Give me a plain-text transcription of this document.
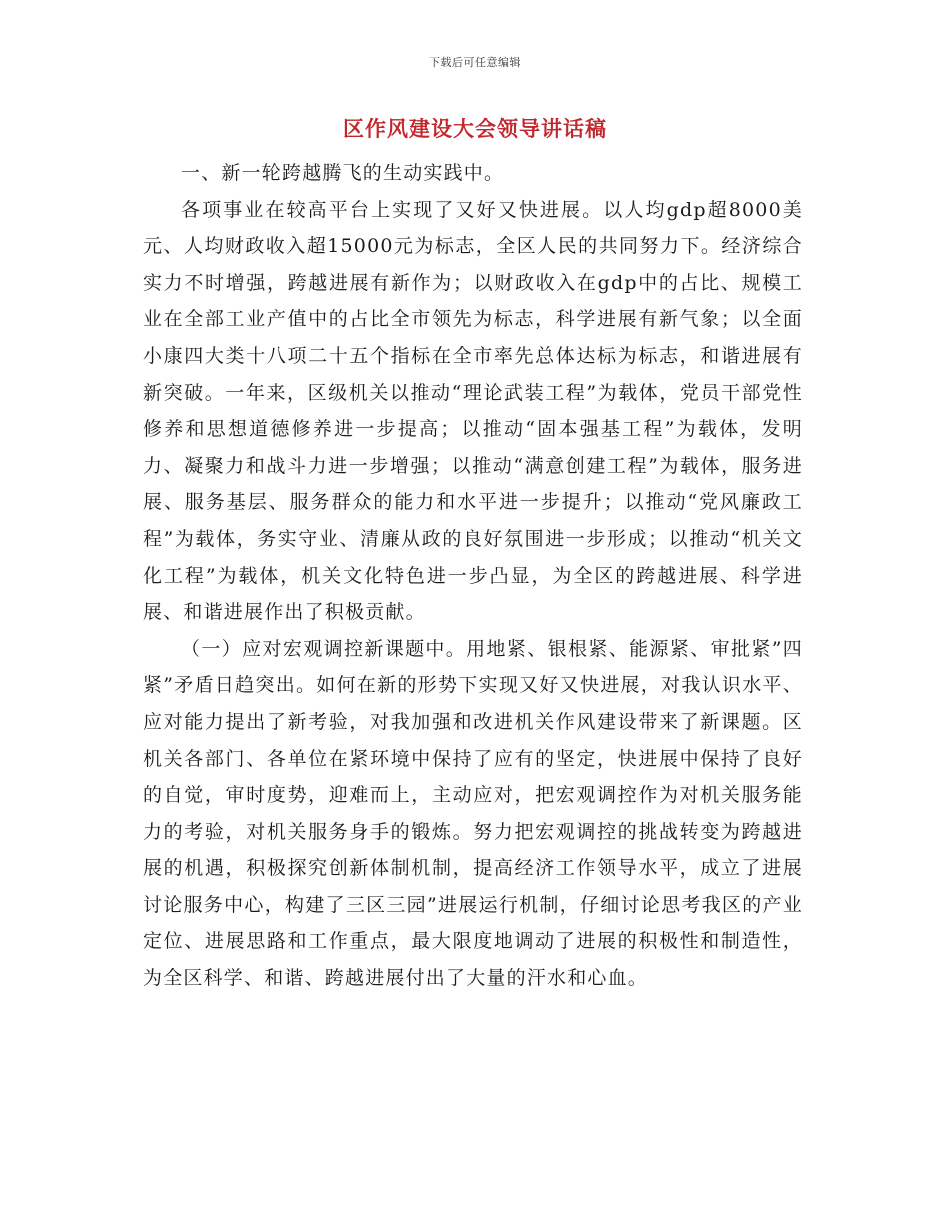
下载后可任意编辑
区作风建设大会领导讲话稿

一、新一轮跨越腾飞的生动实践中。

各项事业在较高平台上实现了又好又快进展。以人均gdp超8000美元、人均财政收入超15000元为标志，全区人民的共同努力下。经济综合实力不时增强，跨越进展有新作为；以财政收入在gdp中的占比、规模工业在全部工业产值中的占比全市领先为标志，科学进展有新气象；以全面小康四大类十八项二十五个指标在全市率先总体达标为标志，和谐进展有新突破。一年来，区级机关以推动“理论武装工程”为载体，党员干部党性修养和思想道德修养进一步提高；以推动“固本强基工程”为载体，发明力、凝聚力和战斗力进一步增强；以推动“满意创建工程”为载体，服务进展、服务基层、服务群众的能力和水平进一步提升；以推动“党风廉政工程”为载体，务实守业、清廉从政的良好氛围进一步形成；以推动“机关文化工程”为载体，机关文化特色进一步凸显，为全区的跨越进展、科学进展、和谐进展作出了积极贡献。

（一）应对宏观调控新课题中。用地紧、银根紧、能源紧、审批紧”四紧”矛盾日趋突出。如何在新的形势下实现又好又快进展，对我认识水平、应对能力提出了新考验，对我加强和改进机关作风建设带来了新课题。区机关各部门、各单位在紧环境中保持了应有的坚定，快进展中保持了良好的自觉，审时度势，迎难而上，主动应对，把宏观调控作为对机关服务能力的考验，对机关服务身手的锻炼。努力把宏观调控的挑战转变为跨越进展的机遇，积极探究创新体制机制，提高经济工作领导水平，成立了进展讨论服务中心，构建了三区三园”进展运行机制，仔细讨论思考我区的产业定位、进展思路和工作重点，最大限度地调动了进展的积极性和制造性，为全区科学、和谐、跨越进展付出了大量的汗水和心血。
